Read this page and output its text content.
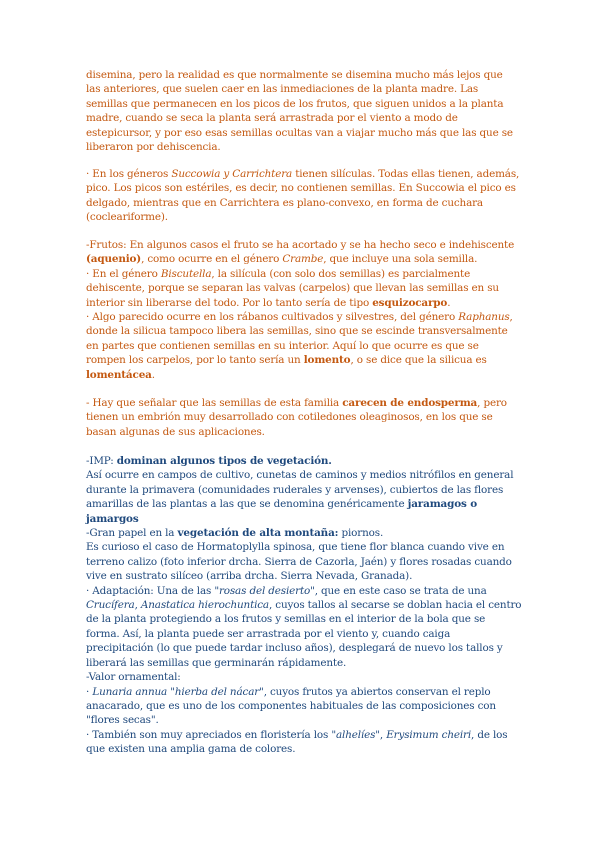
disemina, pero la realidad es que normalmente se disemina mucho más lejos que

las anteriores, que suelen caer en las inmediaciones de la planta madre. Las

semillas que permanecen en los picos de los frutos, que siguen unidos a la planta

madre, cuando se seca la planta será arrastrada por el viento a modo de

estepicursor, y por eso esas semillas ocultas van a viajar mucho más que las que se

liberaron por dehiscencia.

· En los géneros Succowia y Carrichtera tienen silículas. Todas ellas tienen, además,

pico. Los picos son estériles, es decir, no contienen semillas. En Succowia el pico es

delgado, mientras que en Carrichtera es plano-convexo, en forma de cuchara

(cocleariforme).

-Frutos: En algunos casos el fruto se ha acortado y se ha hecho seco e indehiscente

(aquenio), como ocurre en el género Crambe, que incluye una sola semilla.

· En el género Biscutella, la silícula (con solo dos semillas) es parcialmente

dehiscente, porque se separan las valvas (carpelos) que llevan las semillas en su

interior sin liberarse del todo. Por lo tanto sería de tipo esquizocarpo.

· Algo parecido ocurre en los rábanos cultivados y silvestres, del género Raphanus,

donde la silicua tampoco libera las semillas, sino que se escinde transversalmente

en partes que contienen semillas en su interior. Aquí lo que ocurre es que se

rompen los carpelos, por lo tanto sería un lomento, o se dice que la silicua es

lomentácea.

- Hay que señalar que las semillas de esta familia carecen de endosperma, pero

tienen un embrión muy desarrollado con cotiledones oleaginosos, en los que se

basan algunas de sus aplicaciones.

-IMP: dominan algunos tipos de vegetación.

Así ocurre en campos de cultivo, cunetas de caminos y medios nitrófilos en general

durante la primavera (comunidades ruderales y arvenses), cubiertos de las flores

amarillas de las plantas a las que se denomina genéricamente jaramagos o

jamargos

-Gran papel en la vegetación de alta montaña: piornos.

Es curioso el caso de Hormatoplylla spinosa, que tiene flor blanca cuando vive en

terreno calizo (foto inferior drcha. Sierra de Cazorla, Jaén) y flores rosadas cuando

vive en sustrato silíceo (arriba drcha. Sierra Nevada, Granada).

· Adaptación: Una de las "rosas del desierto", que en este caso se trata de una

Crucífera, Anastatica hierochuntica, cuyos tallos al secarse se doblan hacia el centro

de la planta protegiendo a los frutos y semillas en el interior de la bola que se

forma. Así, la planta puede ser arrastrada por el viento y, cuando caiga

precipitación (lo que puede tardar incluso años), desplegará de nuevo los tallos y

liberará las semillas que germinarán rápidamente.

-Valor ornamental:

· Lunaria annua "hierba del nácar", cuyos frutos ya abiertos conservan el replo

anacarado, que es uno de los componentes habituales de las composiciones con

"flores secas".

· También son muy apreciados en floristería los "alhelíes", Erysimum cheiri, de los

que existen una amplia gama de colores.
